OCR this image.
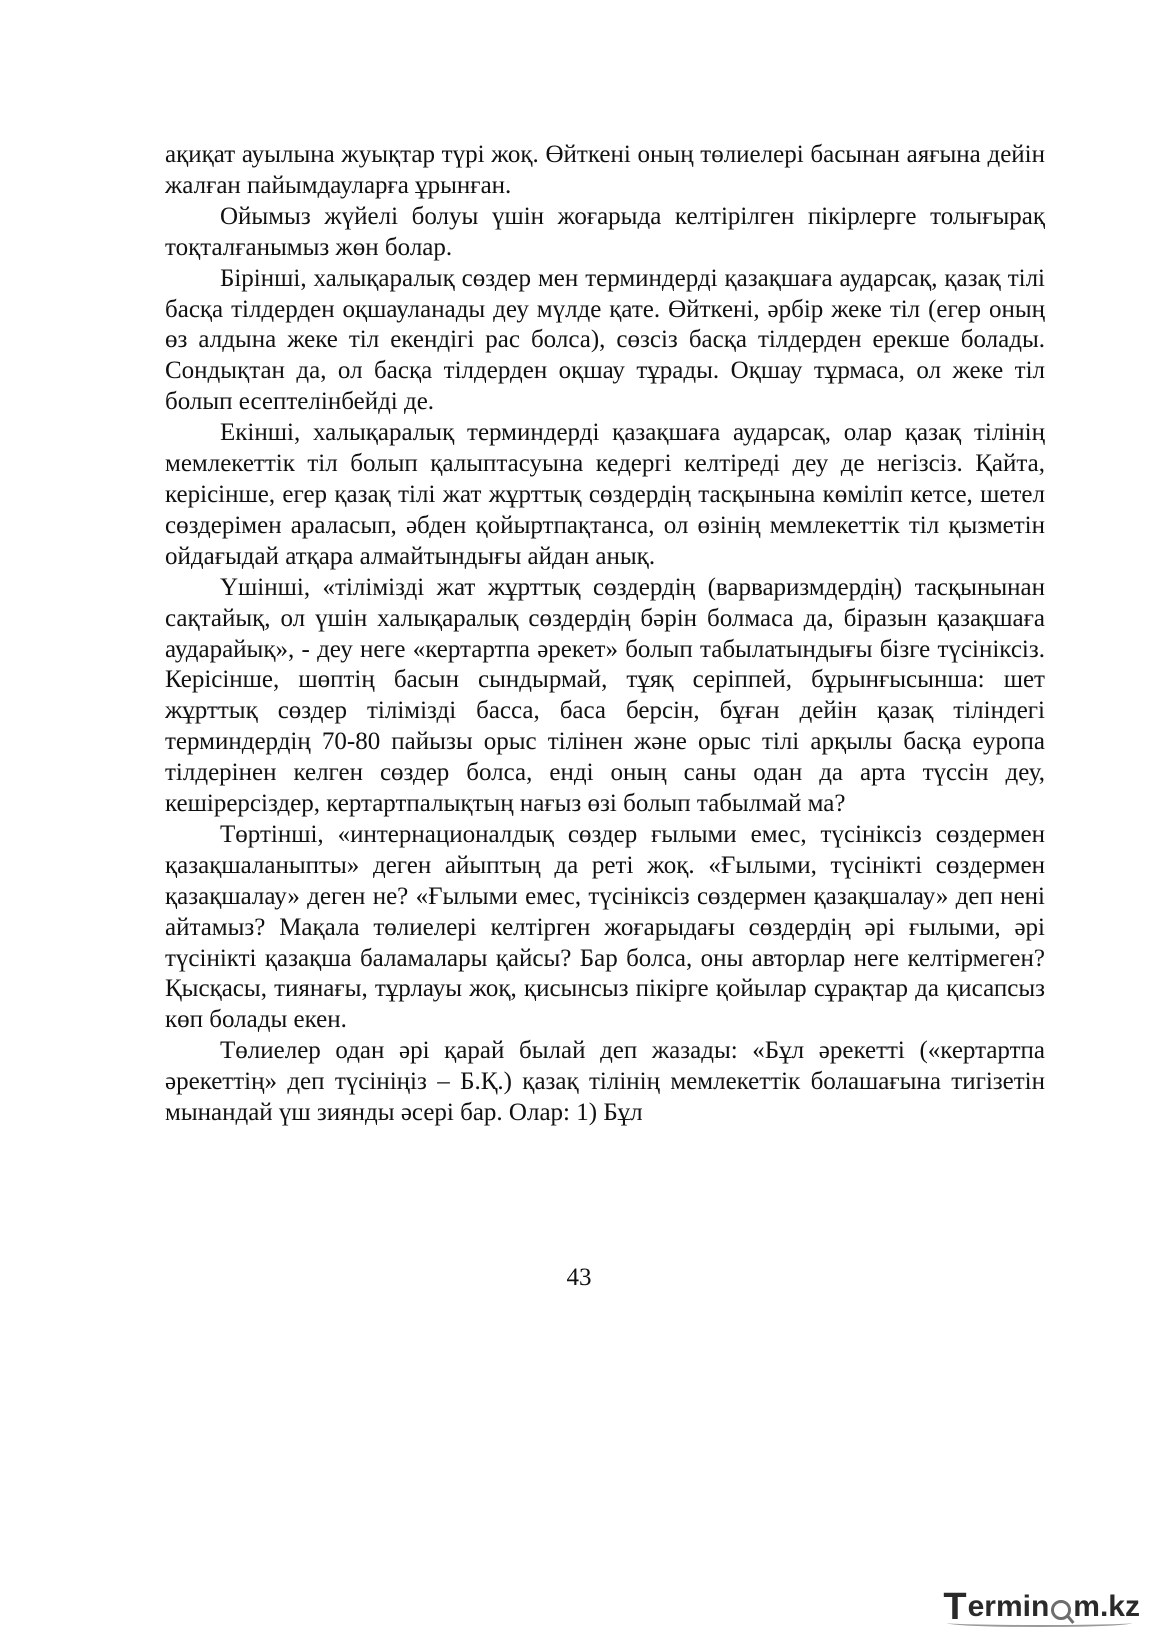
ақиқат ауылына жуықтар түрі жоқ. Өйткені оның төлиелері басынан аяғына дейін жалған пайымдауларға ұрынған.

Ойымыз жүйелі болуы үшін жоғарыда келтірілген пікірлерге толығырақ тоқталғанымыз жөн болар.

Бірінші, халықаралық сөздер мен терминдерді қазақшаға аударсақ, қазақ тілі басқа тілдерден оқшауланады деу мүлде қате. Өйткені, әрбір жеке тіл (егер оның өз алдына жеке тіл екендігі рас болса), сөзсіз басқа тілдерден ерекше болады. Сондықтан да, ол басқа тілдерден оқшау тұрады. Оқшау тұрмаса, ол жеке тіл болып есептелінбейді де.

Екінші, халықаралық терминдерді қазақшаға аударсақ, олар қазақ тілінің мемлекеттік тіл болып қалыптасуына кедергі келтіреді деу де негізсіз. Қайта, керісінше, егер қазақ тілі жат жұрттық сөздердің тасқынына көміліп кетсе, шетел сөздерімен араласып, әбден қойыртпақтанса, ол өзінің мемлекеттік тіл қызметін ойдағыдай атқара алмайтындығы айдан анық.

Үшінші, «тілімізді жат жұрттық сөздердің (варваризмдердің) тасқынынан сақтайық, ол үшін халықаралық сөздердің бәрін болмаса да, біразын қазақшаға аударайық», - деу неге «кертартпа әрекет» болып табылатындығы бізге түсініксіз. Керісінше, шөптің басын сындырмай, тұяқ серіппей, бұрынғысынша: шет жұрттық сөздер тілімізді басса, баса берсін, бұған дейін қазақ тіліндегі терминдердің 70-80 пайызы орыс тілінен және орыс тілі арқылы басқа еуропа тілдерінен келген сөздер болса, енді оның саны одан да арта түссін деу, кешірерсіздер, кертартпалықтың нағыз өзі болып табылмай ма?

Төртінші, «интернационалдық сөздер ғылыми емес, түсініксіз сөздермен қазақшаланыпты» деген айыптың да реті жоқ. «Ғылыми, түсінікті сөздермен қазақшалау» деген не? «Ғылыми емес, түсініксіз сөздермен қазақшалау» деп нені айтамыз? Мақала төлиелері келтірген жоғарыдағы сөздердің әрі ғылыми, әрі түсінікті қазақша баламалары қайсы? Бар болса, оны авторлар неге келтірмеген? Қысқасы, тиянағы, тұрлауы жоқ, қисынсыз пікірге қойылар сұрақтар да қисапсыз көп болады екен.

Төлиелер одан әрі қарай былай деп жазады: «Бұл әрекетті («кертартпа әрекеттің» деп түсініңіз – Б.Қ.) қазақ тілінің мемлекеттік болашағына тигізетін мынандай үш зиянды әсері бар. Олар: 1) Бұл

43
T ermin m.kz
